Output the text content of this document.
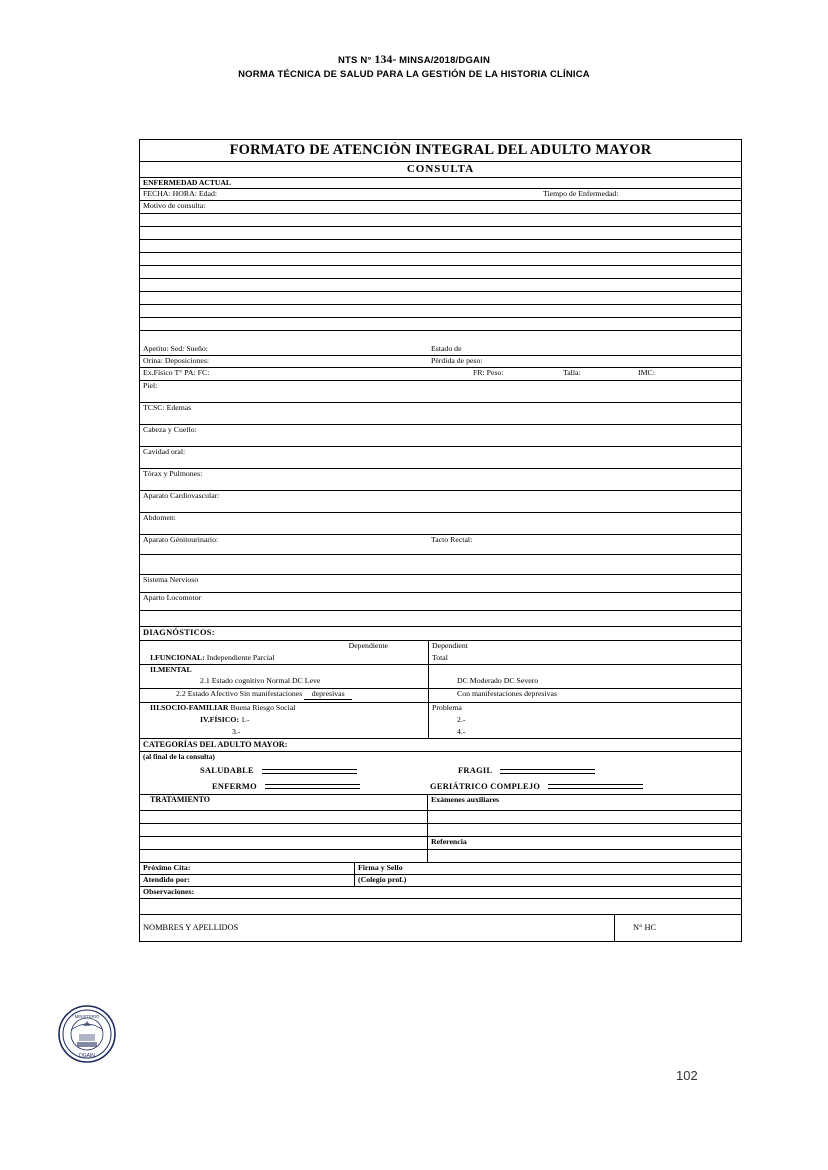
NTS N° 134- MINSA/2018/DGAIN
NORMA TÉCNICA DE SALUD PARA LA GESTIÓN DE LA HISTORIA CLÍNICA
FORMATO DE ATENCIÓN INTEGRAL DEL ADULTO MAYOR
CONSULTA
ENFERMEDAD ACTUAL
FECHA: HORA: Edad:	Tiempo de Enfermedad:
Motivo de consulta:
Apetito: Sed: Sueño:	Estado de
Orina: Deposiciones:	Pérdida de peso:
Ex.Físico T° PA: FC:	FR: Peso:	Talla:	IMC:
Piel:
TCSC: Edemas
Cabeza y Cuello:
Cavidad oral:
Tórax y Pulmones:
Aparato Cardiovascular:
Abdomen:
Aparato Génitourinario:	Tacto Rectal:
Sistema Nervioso
Aparto Locomotor
DIAGNÓSTICOS:
Dependiente	Dependient
I.FUNCIONAL: Independiente Parcial	Total
II.MENTAL
2.1 Estado cognitivo Normal DC Leve	DC Moderado DC Severo
2.2 Estado Afectivo Sin manifestaciones depresivas	Con manifestaciones depresivas
III.SOCIO-FAMILIAR Buena Riesgo Social	Problema
IV.FÍSICO: 1.-	2.-
3.-	4.-
CATEGORÍAS DEL ADULTO MAYOR:
(al final de la consulta)
SALUDABLE	FRAGIL
ENFERMO	GERIÁTRICO COMPLEJO
TRATAMIENTO	Exámenes auxiliares
Referencia
Próximo Cita:	Firma y Sello
Atendido por:	(Colegio prof.)
Observaciones:
NOMBRES Y APELLIDOS	N° HC
MINISTERIO
DGAIN
102
